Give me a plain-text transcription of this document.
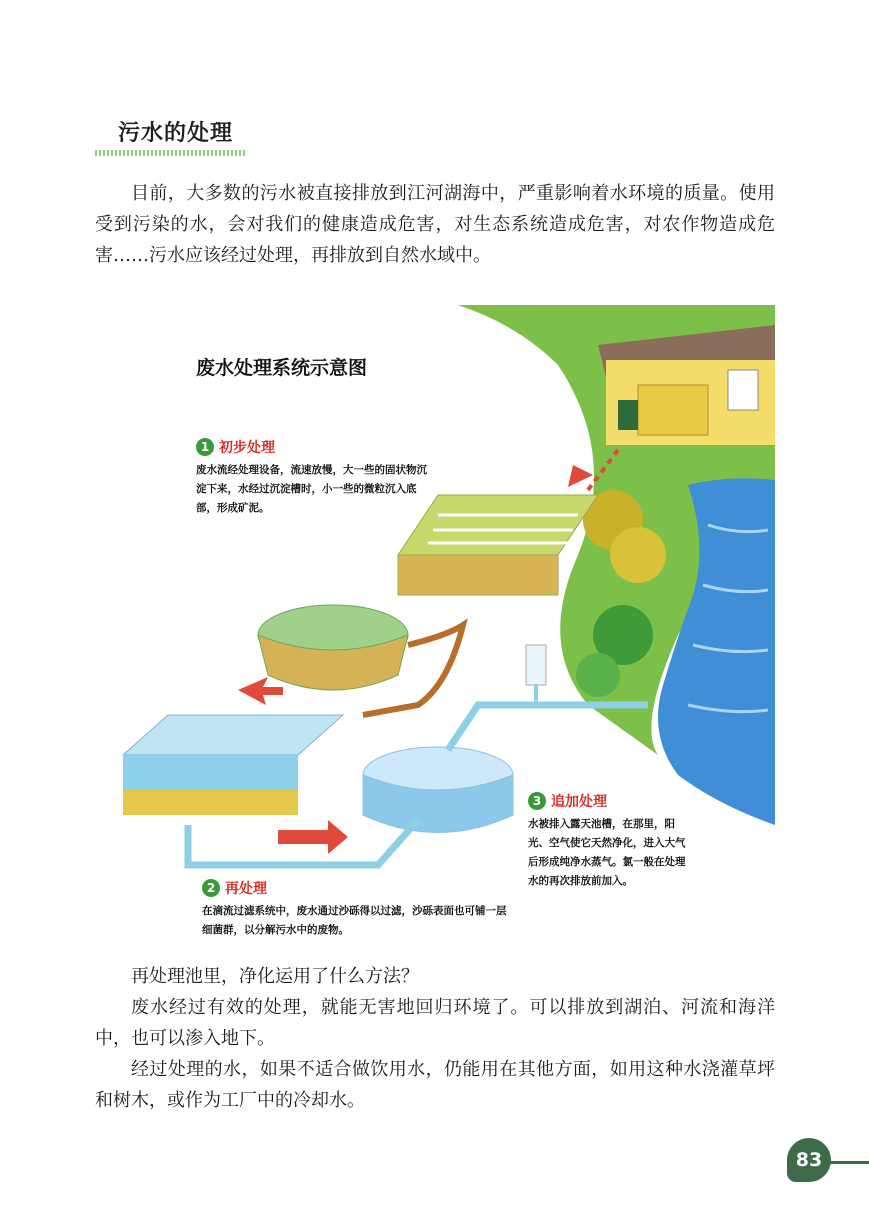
污水的处理

目前，大多数的污水被直接排放到江河湖海中，严重影响着水环境的质量。使用受到污染的水，会对我们的健康造成危害，对生态系统造成危害，对农作物造成危害……污水应该经过处理，再排放到自然水域中。

废水处理系统示意图
1 初步处理
废水流经处理设备，流速放慢，大一些的固状物沉淀下来，水经过沉淀槽时，小一些的微粒沉入底部，形成矿泥。
2 再处理
在滴流过滤系统中，废水通过沙砾得以过滤，沙砾表面也可铺一层细菌群，以分解污水中的废物。
3 追加处理
水被排入露天池槽，在那里，阳光、空气使它天然净化，进入大气后形成纯净水蒸气。氯一般在处理水的再次排放前加入。

再处理池里，净化运用了什么方法？

废水经过有效的处理，就能无害地回归环境了。可以排放到湖泊、河流和海洋中，也可以渗入地下。

经过处理的水，如果不适合做饮用水，仍能用在其他方面，如用这种水浇灌草坪和树木，或作为工厂中的冷却水。

83
